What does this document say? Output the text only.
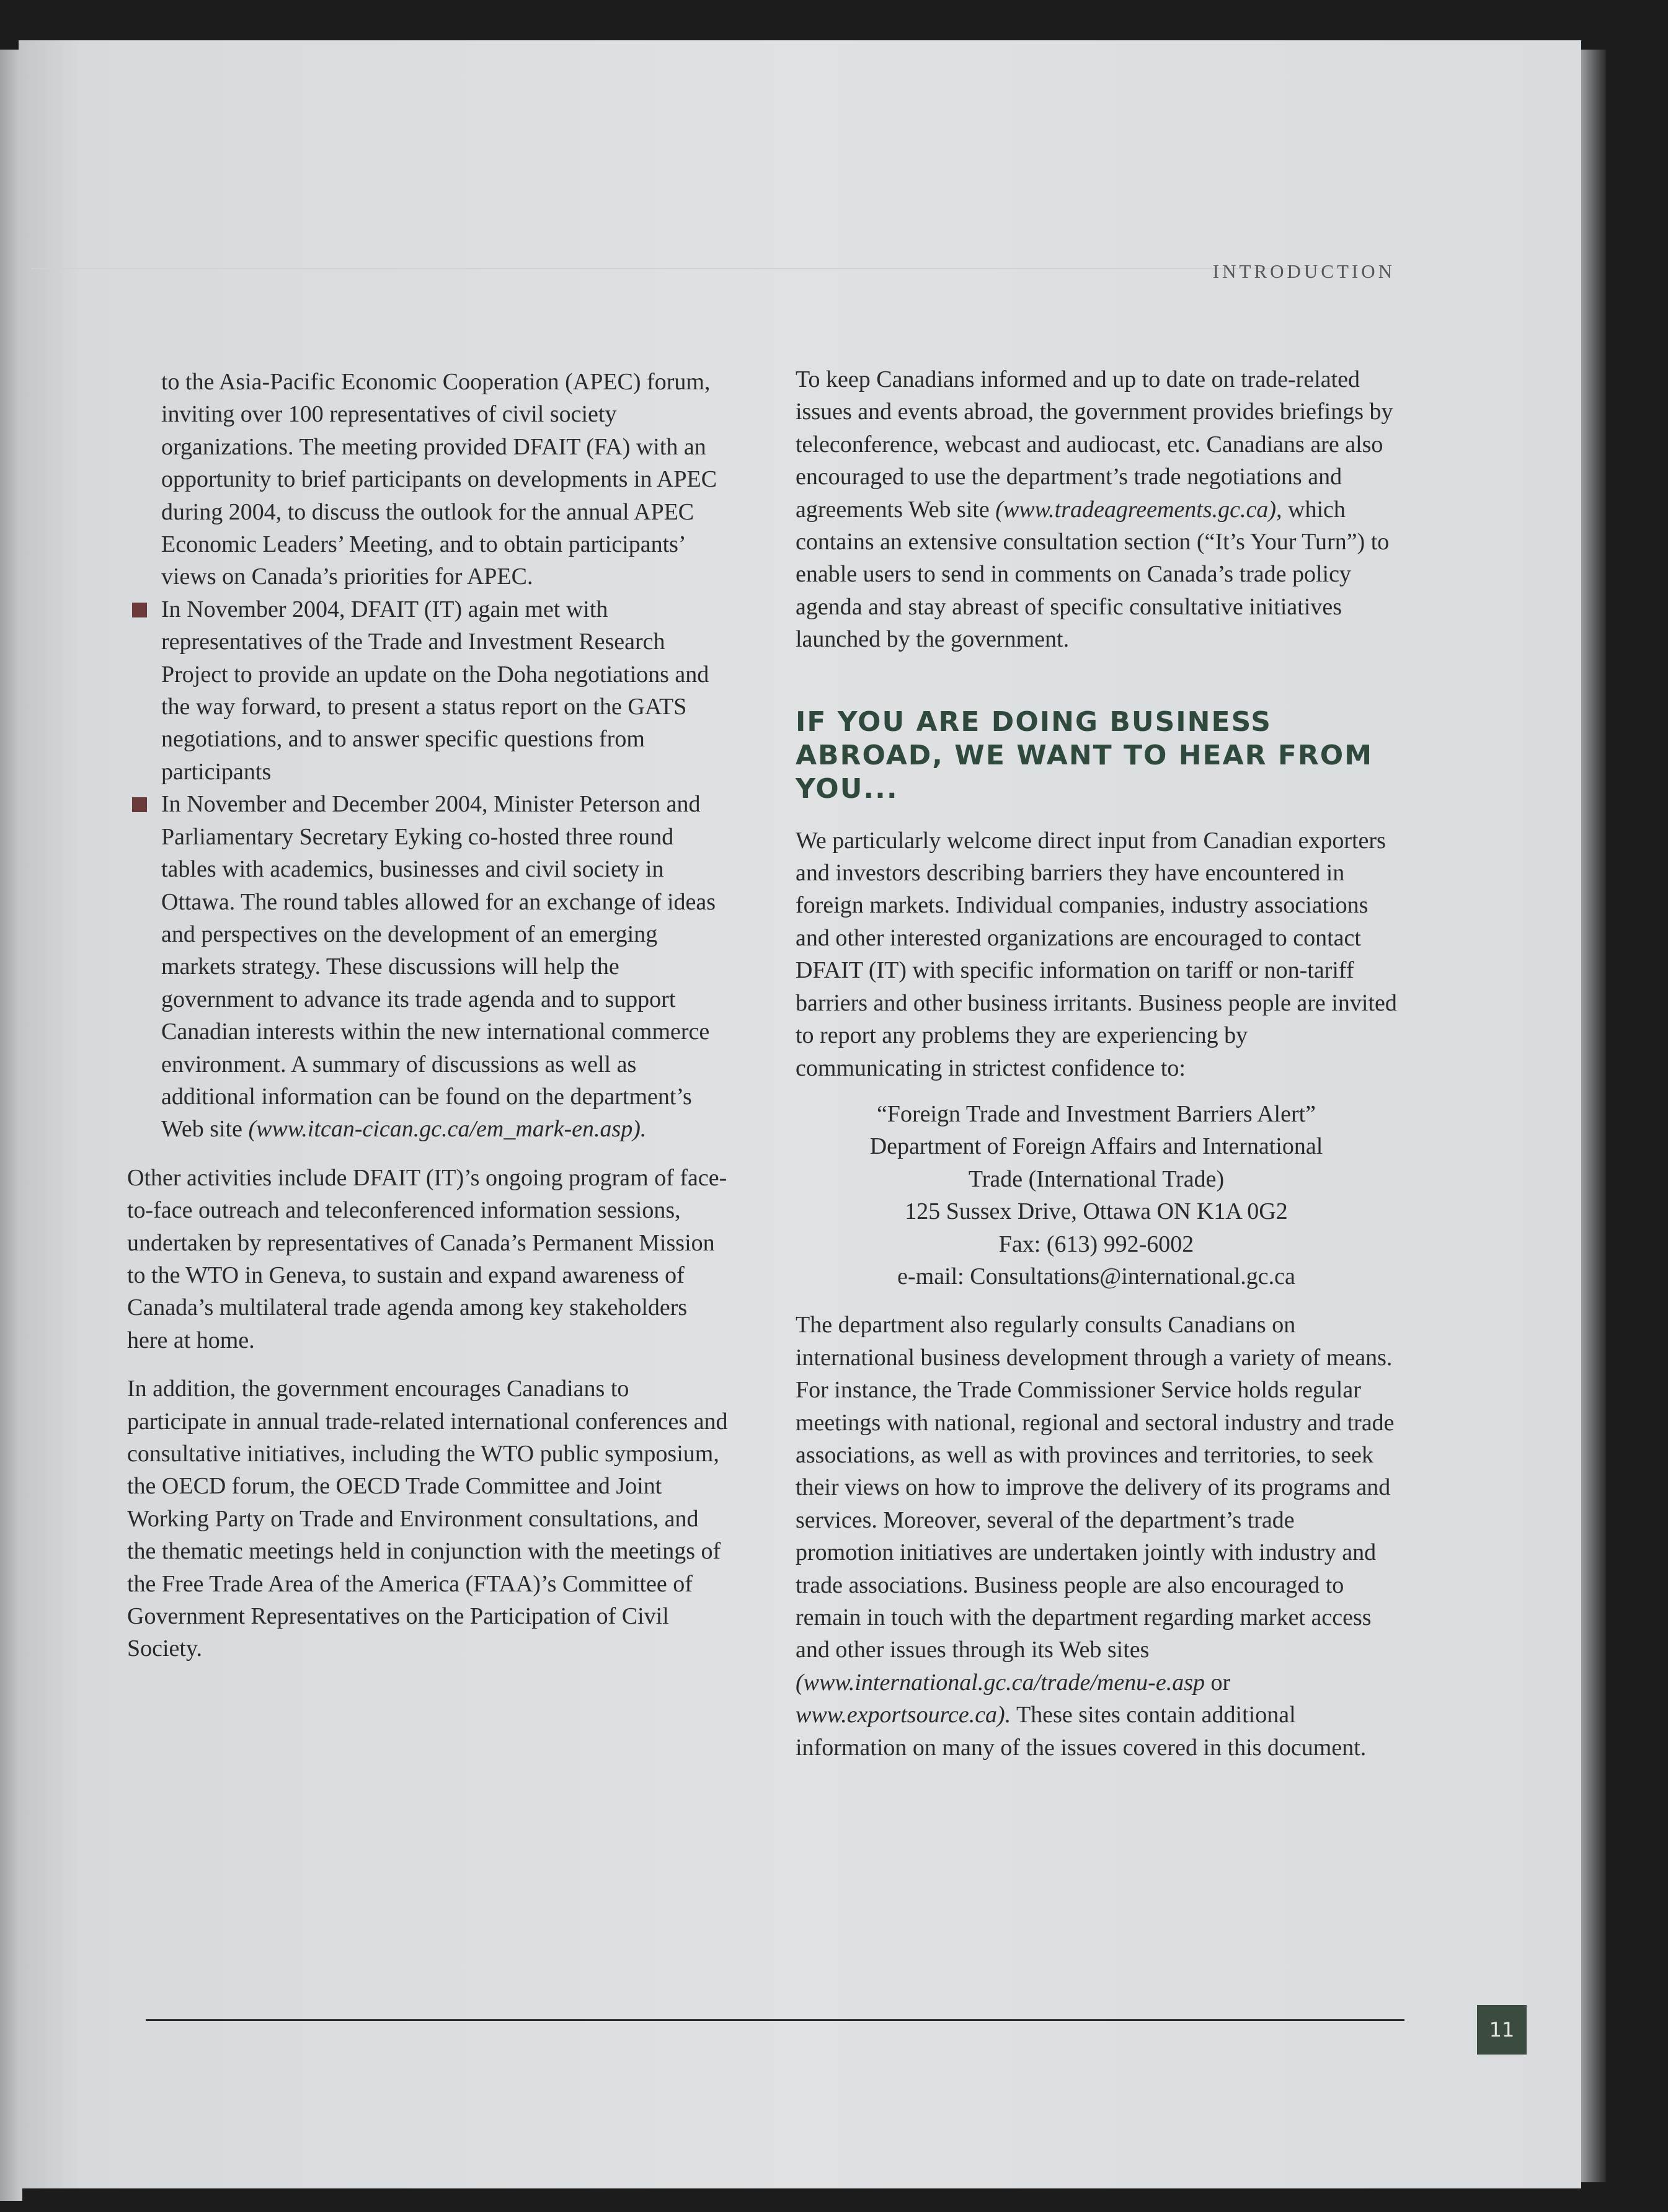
INTRODUCTION

to the Asia-Pacific Economic Cooperation (APEC) forum, inviting over 100 representatives of civil society organizations. The meeting provided DFAIT (FA) with an opportunity to brief participants on developments in APEC during 2004, to discuss the outlook for the annual APEC Economic Leaders’ Meeting, and to obtain participants’ views on Canada’s priorities for APEC.

In November 2004, DFAIT (IT) again met with representatives of the Trade and Investment Research Project to provide an update on the Doha negotiations and the way forward, to present a status report on the GATS negotiations, and to answer specific questions from participants

In November and December 2004, Minister Peterson and Parliamentary Secretary Eyking co-hosted three round tables with academics, businesses and civil society in Ottawa. The round tables allowed for an exchange of ideas and perspectives on the development of an emerging markets strategy. These discussions will help the government to advance its trade agenda and to support Canadian interests within the new international commerce environment. A summary of discussions as well as additional information can be found on the department’s Web site (www.itcan-cican.gc.ca/em_mark-en.asp).

Other activities include DFAIT (IT)’s ongoing program of face-to-face outreach and teleconferenced information sessions, undertaken by representatives of Canada’s Permanent Mission to the WTO in Geneva, to sustain and expand awareness of Canada’s multilateral trade agenda among key stakeholders here at home.

In addition, the government encourages Canadians to participate in annual trade-related international conferences and consultative initiatives, including the WTO public symposium, the OECD forum, the OECD Trade Committee and Joint Working Party on Trade and Environment consultations, and the thematic meetings held in conjunction with the meetings of the Free Trade Area of the America (FTAA)’s Committee of Government Representatives on the Participation of Civil Society.

To keep Canadians informed and up to date on trade-related issues and events abroad, the government provides briefings by teleconference, webcast and audiocast, etc. Canadians are also encouraged to use the department’s trade negotiations and agreements Web site (www.tradeagreements.gc.ca), which contains an extensive consultation section (“It’s Your Turn”) to enable users to send in comments on Canada’s trade policy agenda and stay abreast of specific consultative initiatives launched by the government.

IF YOU ARE DOING BUSINESS ABROAD, WE WANT TO HEAR FROM YOU...

We particularly welcome direct input from Canadian exporters and investors describing barriers they have encountered in foreign markets. Individual companies, industry associations and other interested organizations are encouraged to contact DFAIT (IT) with specific information on tariff or non-tariff barriers and other business irritants. Business people are invited to report any problems they are experiencing by communicating in strictest confidence to:

“Foreign Trade and Investment Barriers Alert”
Department of Foreign Affairs and International
Trade (International Trade)
125 Sussex Drive, Ottawa ON K1A 0G2
Fax: (613) 992-6002
e-mail: Consultations@international.gc.ca

The department also regularly consults Canadians on international business development through a variety of means. For instance, the Trade Commissioner Service holds regular meetings with national, regional and sectoral industry and trade associations, as well as with provinces and territories, to seek their views on how to improve the delivery of its programs and services. Moreover, several of the department’s trade promotion initiatives are undertaken jointly with industry and trade associations. Business people are also encouraged to remain in touch with the department regarding market access and other issues through its Web sites (www.international.gc.ca/trade/menu-e.asp or www.exportsource.ca). These sites contain additional information on many of the issues covered in this document.

11
